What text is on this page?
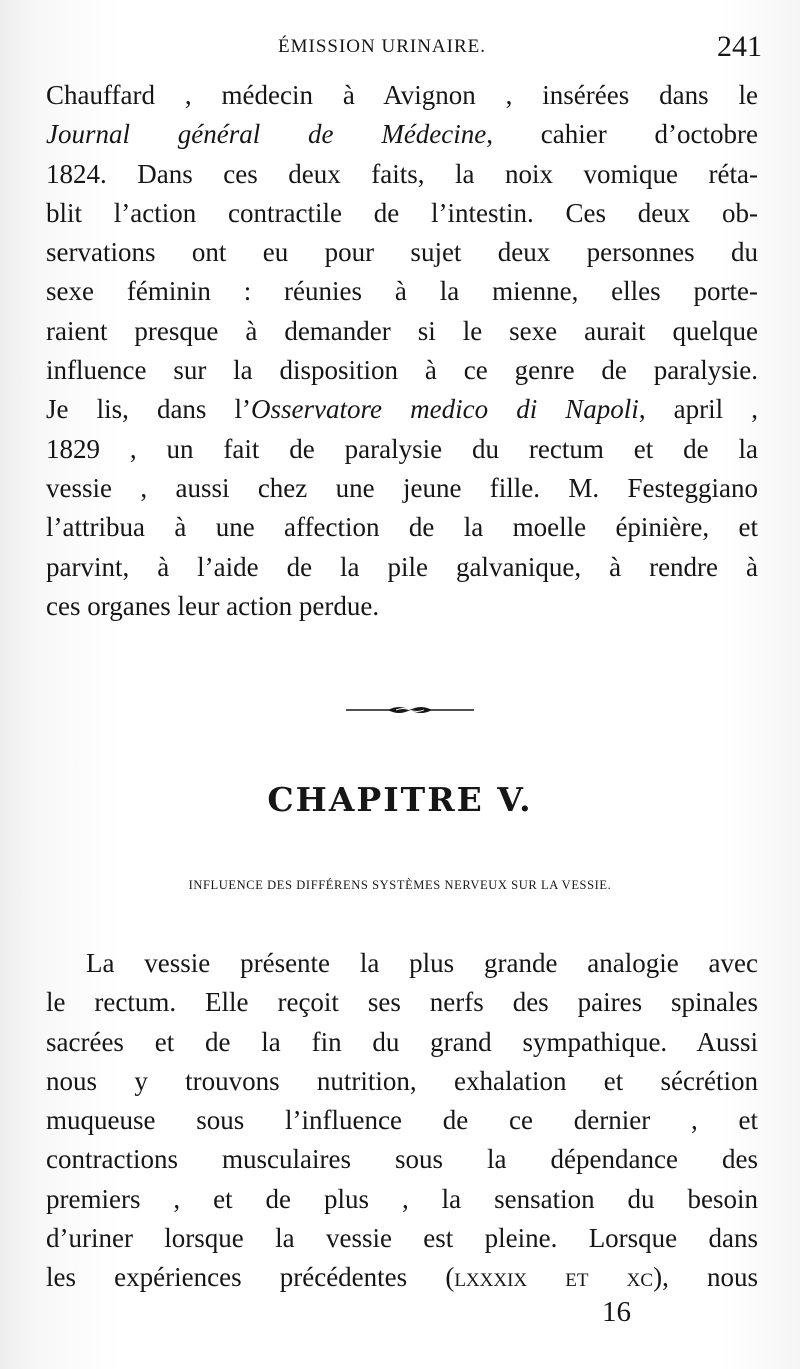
ÉMISSION URINAIRE.	241
Chauffard , médecin à Avignon , insérées dans le
Journal général de Médecine, cahier d’octobre
1824. Dans ces deux faits, la noix vomique réta-
blit l’action contractile de l’intestin. Ces deux ob-
servations ont eu pour sujet deux personnes du
sexe féminin : réunies à la mienne, elles porte-
raient presque à demander si le sexe aurait quelque
influence sur la disposition à ce genre de paralysie.
Je lis, dans l’Osservatore medico di Napoli, april ,
1829 , un fait de paralysie du rectum et de la
vessie , aussi chez une jeune fille. M. Festeggiano
l’attribua à une affection de la moelle épinière, et
parvint, à l’aide de la pile galvanique, à rendre à
ces organes leur action perdue.
CHAPITRE V.
INFLUENCE DES DIFFÉRENS SYSTÈMES NERVEUX SUR LA VESSIE.
La vessie présente la plus grande analogie avec
le rectum. Elle reçoit ses nerfs des paires spinales
sacrées et de la fin du grand sympathique. Aussi
nous y trouvons nutrition, exhalation et sécrétion
muqueuse sous l’influence de ce dernier , et
contractions musculaires sous la dépendance des
premiers , et de plus , la sensation du besoin
d’uriner lorsque la vessie est pleine. Lorsque dans
les expériences précédentes (lxxxix et xc), nous
16
